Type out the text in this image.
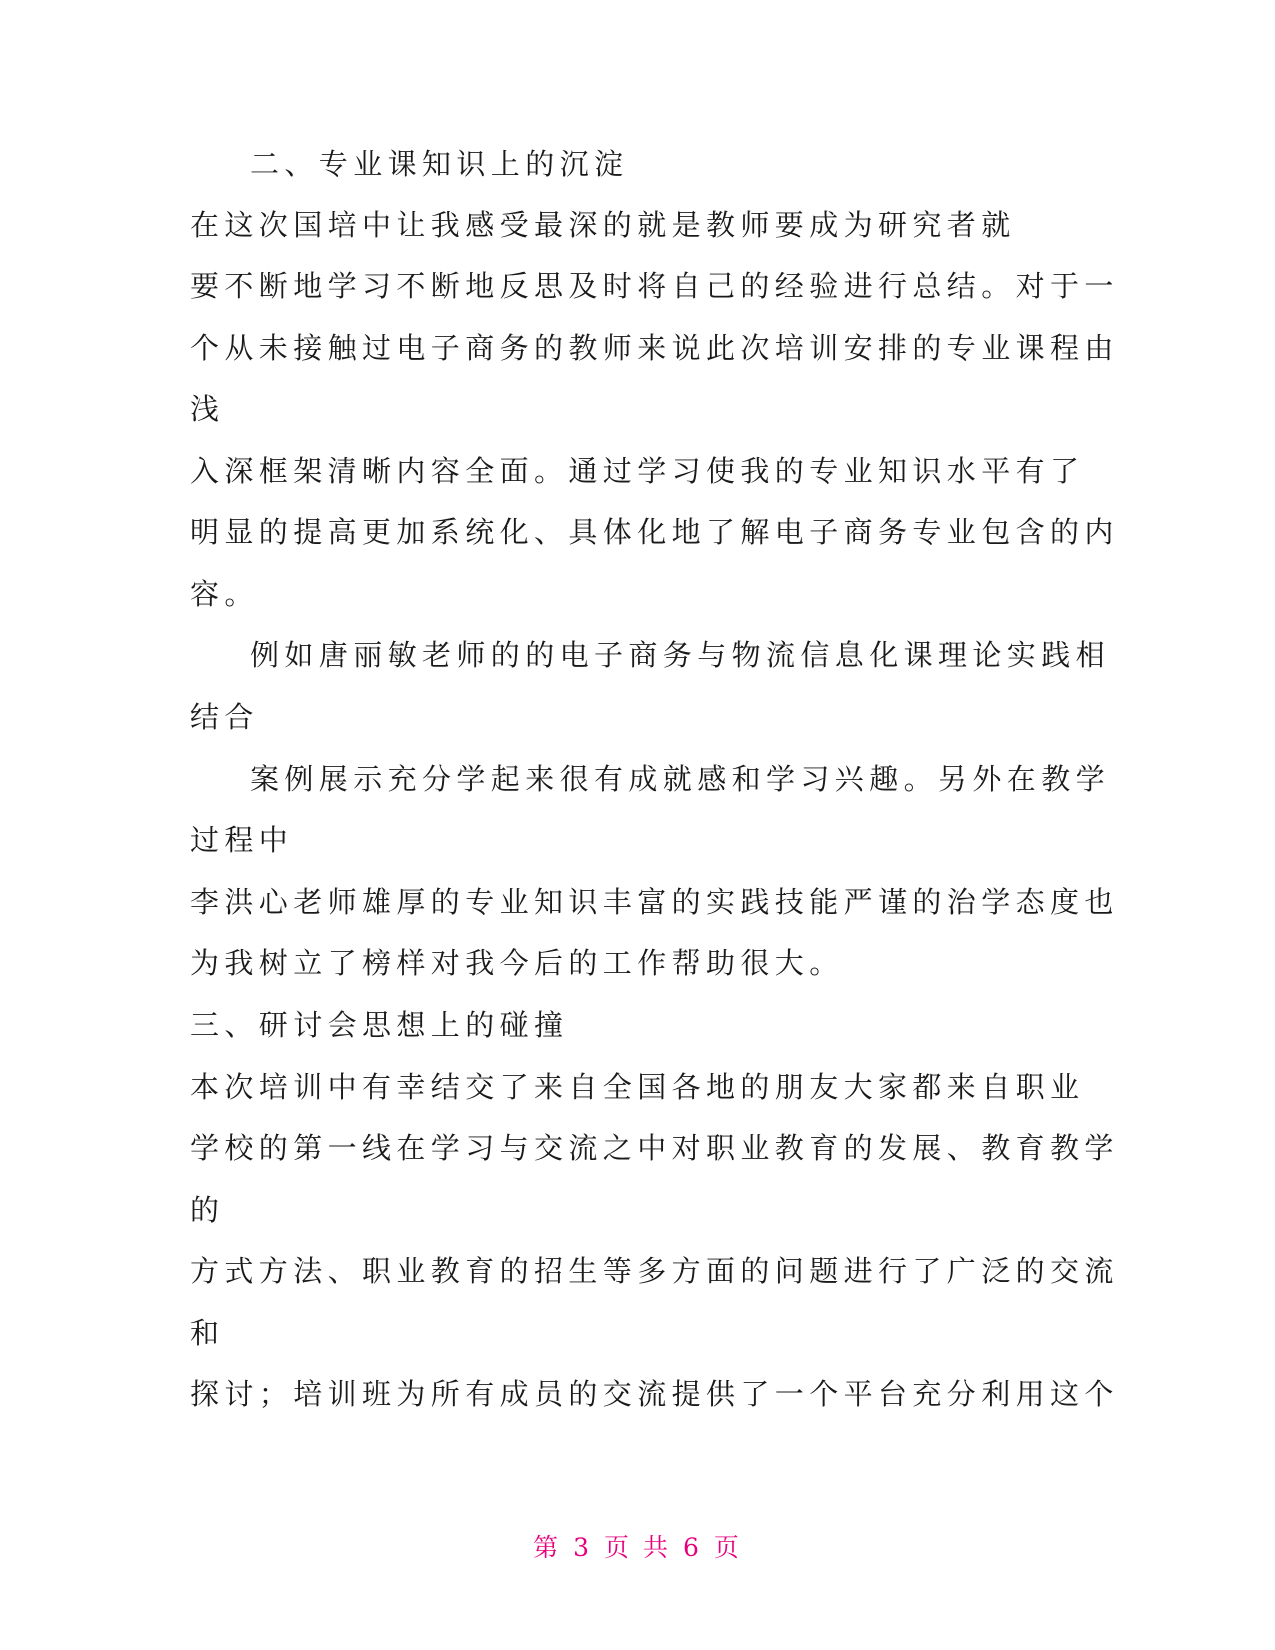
二、专业课知识上的沉淀

在这次国培中让我感受最深的就是教师要成为研究者就

要不断地学习不断地反思及时将自己的经验进行总结。对于一

个从未接触过电子商务的教师来说此次培训安排的专业课程由

浅

入深框架清晰内容全面。通过学习使我的专业知识水平有了

明显的提高更加系统化、具体化地了解电子商务专业包含的内

容。

例如唐丽敏老师的的电子商务与物流信息化课理论实践相

结合

案例展示充分学起来很有成就感和学习兴趣。另外在教学

过程中

李洪心老师雄厚的专业知识丰富的实践技能严谨的治学态度也

为我树立了榜样对我今后的工作帮助很大。

三、研讨会思想上的碰撞

本次培训中有幸结交了来自全国各地的朋友大家都来自职业

学校的第一线在学习与交流之中对职业教育的发展、教育教学

的

方式方法、职业教育的招生等多方面的问题进行了广泛的交流

和

探讨；培训班为所有成员的交流提供了一个平台充分利用这个

第 3 页 共 6 页
